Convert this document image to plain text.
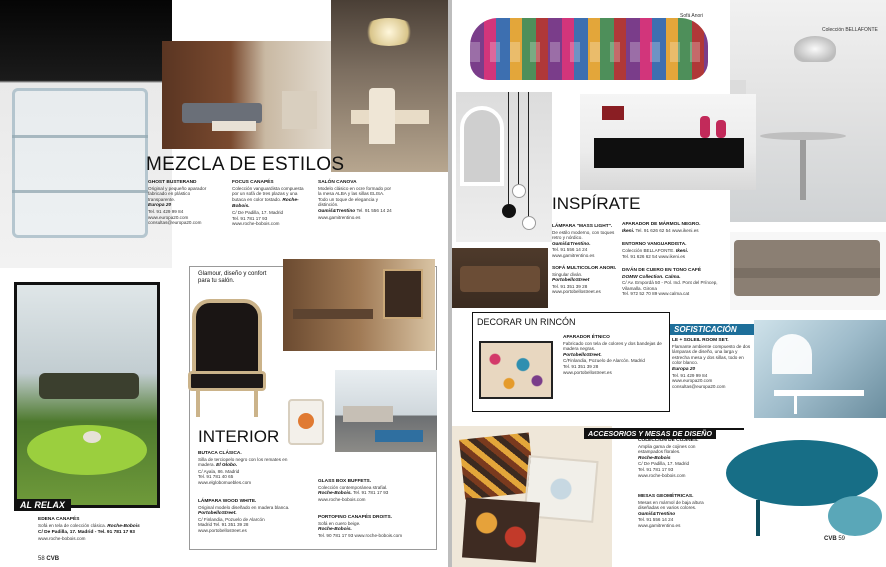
MEZCLA DE ESTILOS
GHOST BUSTERAND
Original y pequeño aparador fabricado en plástico transparente.
Europa 20
Tel. 91 429 99 84
www.europa20.com
consultas@europa20.com
FOCUS CANAPÉS
Colección vanguardista compuesta por un sofá de tres plazas y una butaca en color tostado. Roche-Bobois.
C/ De Padilla, 17. Madrid
Tel. 91 781 17 93
www.roche-bobois.com
SALÓN CANOVA
Modelo clásico en ocre formado por la mesa ALBA y las sillas ELISA. Todo un toque de elegancia y distinción.
Gamiš&Trentino Tel. 91 556 14 24
www.gamitrentino.es
Glamour, diseño y confort para tu salón.
INTERIOR
BUTACA CLÁSICA.
Silla de terciopelo negro con los remates en madera. El Globo.
C/ Ayala, 86. Madrid
Tel. 91 781 40 65
www.elglobomuebles.com
LÁMPARA WOOD WHITE.
Original modelo diseñado en madera blanca.
PortobelloStreet.
C/ Finlandia, Pozuelo de Alarcón
Madrid Tel. 91 351 39 28
www.portobellostreet.es
GLASS BOX BUFFETS.
Colección contemporánea strafial.
Roche-Bobois. Tel. 91 781 17 93
www.roche-bobois.com
PORTOFINO CANAPÉS DROITS.
Sofá en cuero beige.
Roche-Bobois.
Tel. 90 781 17 93 www.roche-bobois.com
AL RELAX
EDENA CANAPÉS
Sofá en tela de colección clásica. Roche-Bobois
C/ De Padilla, 17. Madrid - Tel. 91 781 17 93
www.roche-bobois.com
58 CVB
Sofá Anori
Colección BELLAFONTE
INSPÍRATE
LÁMPARA "MASS LIGHT".
De estilo moderno, con toques retro y nórdico. Gamiš&Trentino.
Tel. 91 556 14 24
www.gamitrentino.es
SOFÁ MULTICOLOR ANORI.
Singular diván. PortobelloStreet
Tel. 91 351 39 28
www.portobellostreet.es
APARADOR DE MÁRMOL NEGRO.
Ikeni. Tel. 91 626 62 54 www.ikeni.es
ENTORNO VANGUARDISTA.
Colección BELLAFONTE. Ikeni.
Tel. 91 626 62 54 www.ikeni.es
DIVÁN DE CUERO EN TONO CAFÉ
DOMW Collection. Calma.
C/ Av. Empordà 50 - Pol. Ind. Pont del Príncep, Vilamalla. Girona
Tel. 972 52 70 89 www.calma.cat
DECORAR UN RINCÓN
APARADOR ÉTNICO
Fabricado con tela de colores y dos bandejas de madera negras.
PortobelloStreet.
C/Finlandia, Pozuelo de Alarcón. Madrid
Tel. 91 351 39 28
www.portobellostreet.es
SOFISTICACIÓN
LE + SOLEIL ROOM SET.
Flamante ambiente compuesto de dos lámparas de diseño, una larga y estrecha mesa y dos sillas, todo en color blanco.
Europa 20
Tel. 91 429 99 84
www.europa20.com
consultas@europa20.com
ACCESORIOS Y MESAS DE DISEÑO
COLECCIÓN DE COJINES.
Amplia gama de cojines con estampados florales.
Roche-Bobois
C/ De Padilla, 17. Madrid
Tel. 91 781 17 93
www.roche-bobois.com
MESAS GEOMÉTRICAS.
Mesas en mármol de baja altura diseñadas en varios colores.
Gamiš&Trentino
Tel. 91 556 14 24
www.gamitrentino.es
CVB 59
